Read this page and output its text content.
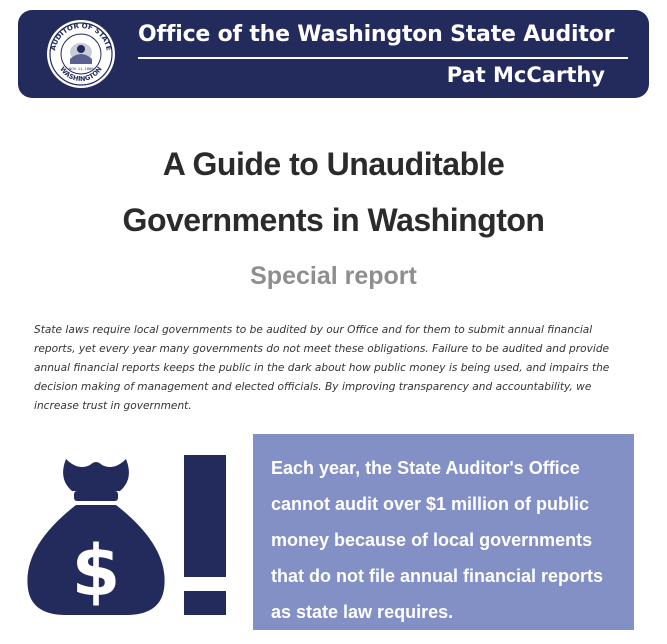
AUDITOR OF STATE
WASHINGTON
NOV. 11, 1889
Office of the Washington State Auditor
Pat McCarthy
A Guide to Unauditable Governments in Washington
Special report

State laws require local governments to be audited by our Office and for them to submit annual financial reports, yet every year many governments do not meet these obligations. Failure to be audited and provide annual financial reports keeps the public in the dark about how public money is being used, and impairs the decision making of management and elected officials. By improving transparency and accountability, we increase trust in government.

$

Each year, the State Auditor's Office cannot audit over $1 million of public money because of local governments that do not file annual financial reports as state law requires.
